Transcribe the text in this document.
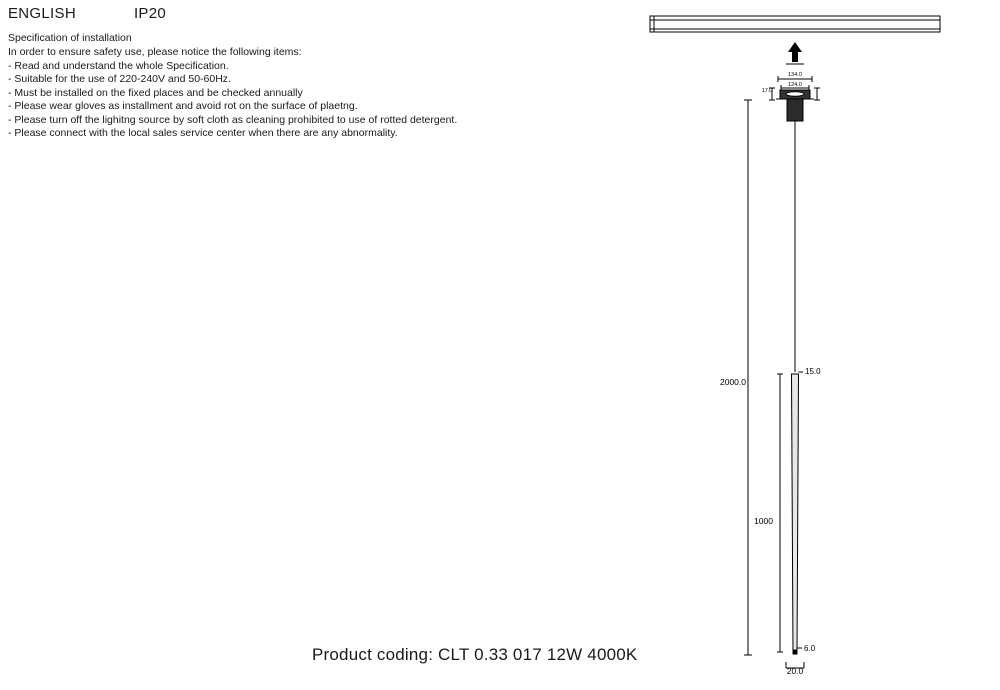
ENGLISH	IP20
Specification of installation
In order to ensure safety use, please notice the following items:
- Read and understand the whole Specification.
- Suitable for the use of 220-240V and 50-60Hz.
- Must be installed on the fixed places and be checked annually
- Please wear gloves as installment and avoid rot on the surface of plaetng.
- Please turn off the lighitng source by soft cloth as cleaning prohibited to use of rotted detergent.
- Please connect with the local sales service center when there are any abnormality.
Product coding: CLT 0.33 017 12W 4000K
134.0
124.0
17.0
2000.0
1000
15.0
6.0
20.0
